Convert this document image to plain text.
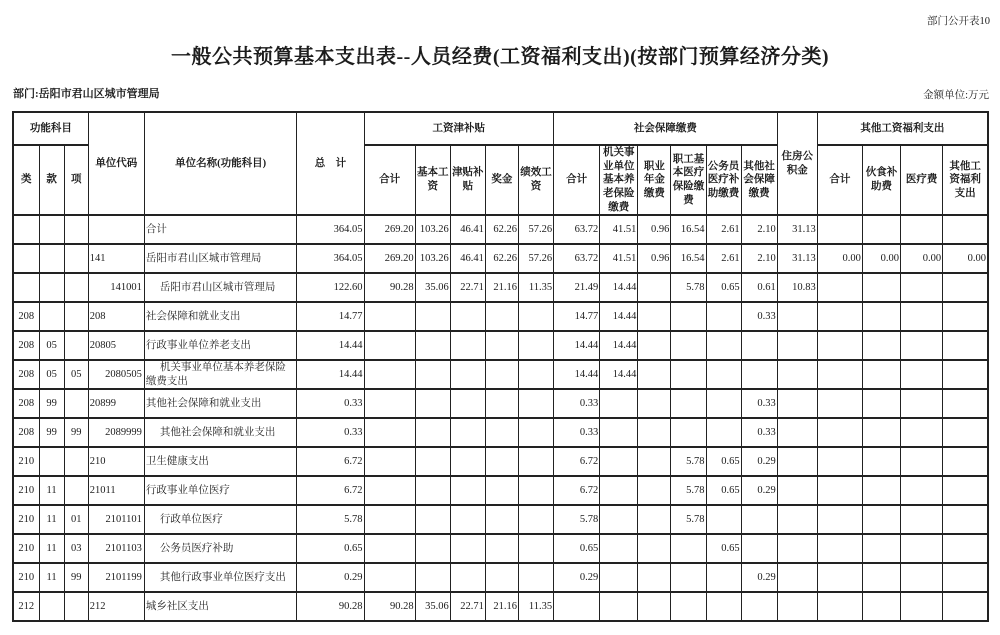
部门公开表10
一般公共预算基本支出表--人员经费(工资福利支出)(按部门预算经济分类)
部门:岳阳市君山区城市管理局	金额单位:万元
功能科目			单位代码	单位名称(功能科目)	总　计	工资津补贴					社会保障缴费						住房公积金	其他工资福利支出			
类	款	项				合计	基本工资	津贴补贴	奖金	绩效工资	合计	机关事业单位基本养老保险缴费	职业年金缴费	职工基本医疗保险缴费	公务员医疗补助缴费	其他社会保障缴费		合计	伙食补助费	医疗费	其他工资福利支出
				合计	364.05	269.20	103.26	46.41	62.26	57.26	63.72	41.51	0.96	16.54	2.61	2.10	31.13				
			141	岳阳市君山区城市管理局	364.05	269.20	103.26	46.41	62.26	57.26	63.72	41.51	0.96	16.54	2.61	2.10	31.13	0.00	0.00	0.00	0.00
			141001	岳阳市君山区城市管理局	122.60	90.28	35.06	22.71	21.16	11.35	21.49	14.44		5.78	0.65	0.61	10.83				
208			208	社会保障和就业支出	14.77						14.77	14.44				0.33					
208	05		20805	行政事业单位养老支出	14.44						14.44	14.44									
208	05	05	2080505	机关事业单位基本养老保险缴费支出	14.44						14.44	14.44									
208	99		20899	其他社会保障和就业支出	0.33						0.33					0.33					
208	99	99	2089999	其他社会保障和就业支出	0.33						0.33					0.33					
210			210	卫生健康支出	6.72						6.72			5.78	0.65	0.29					
210	11		21011	行政事业单位医疗	6.72						6.72			5.78	0.65	0.29					
210	11	01	2101101	行政单位医疗	5.78						5.78			5.78							
210	11	03	2101103	公务员医疗补助	0.65						0.65				0.65						
210	11	99	2101199	其他行政事业单位医疗支出	0.29						0.29					0.29					
212			212	城乡社区支出	90.28	90.28	35.06	22.71	21.16	11.35											
